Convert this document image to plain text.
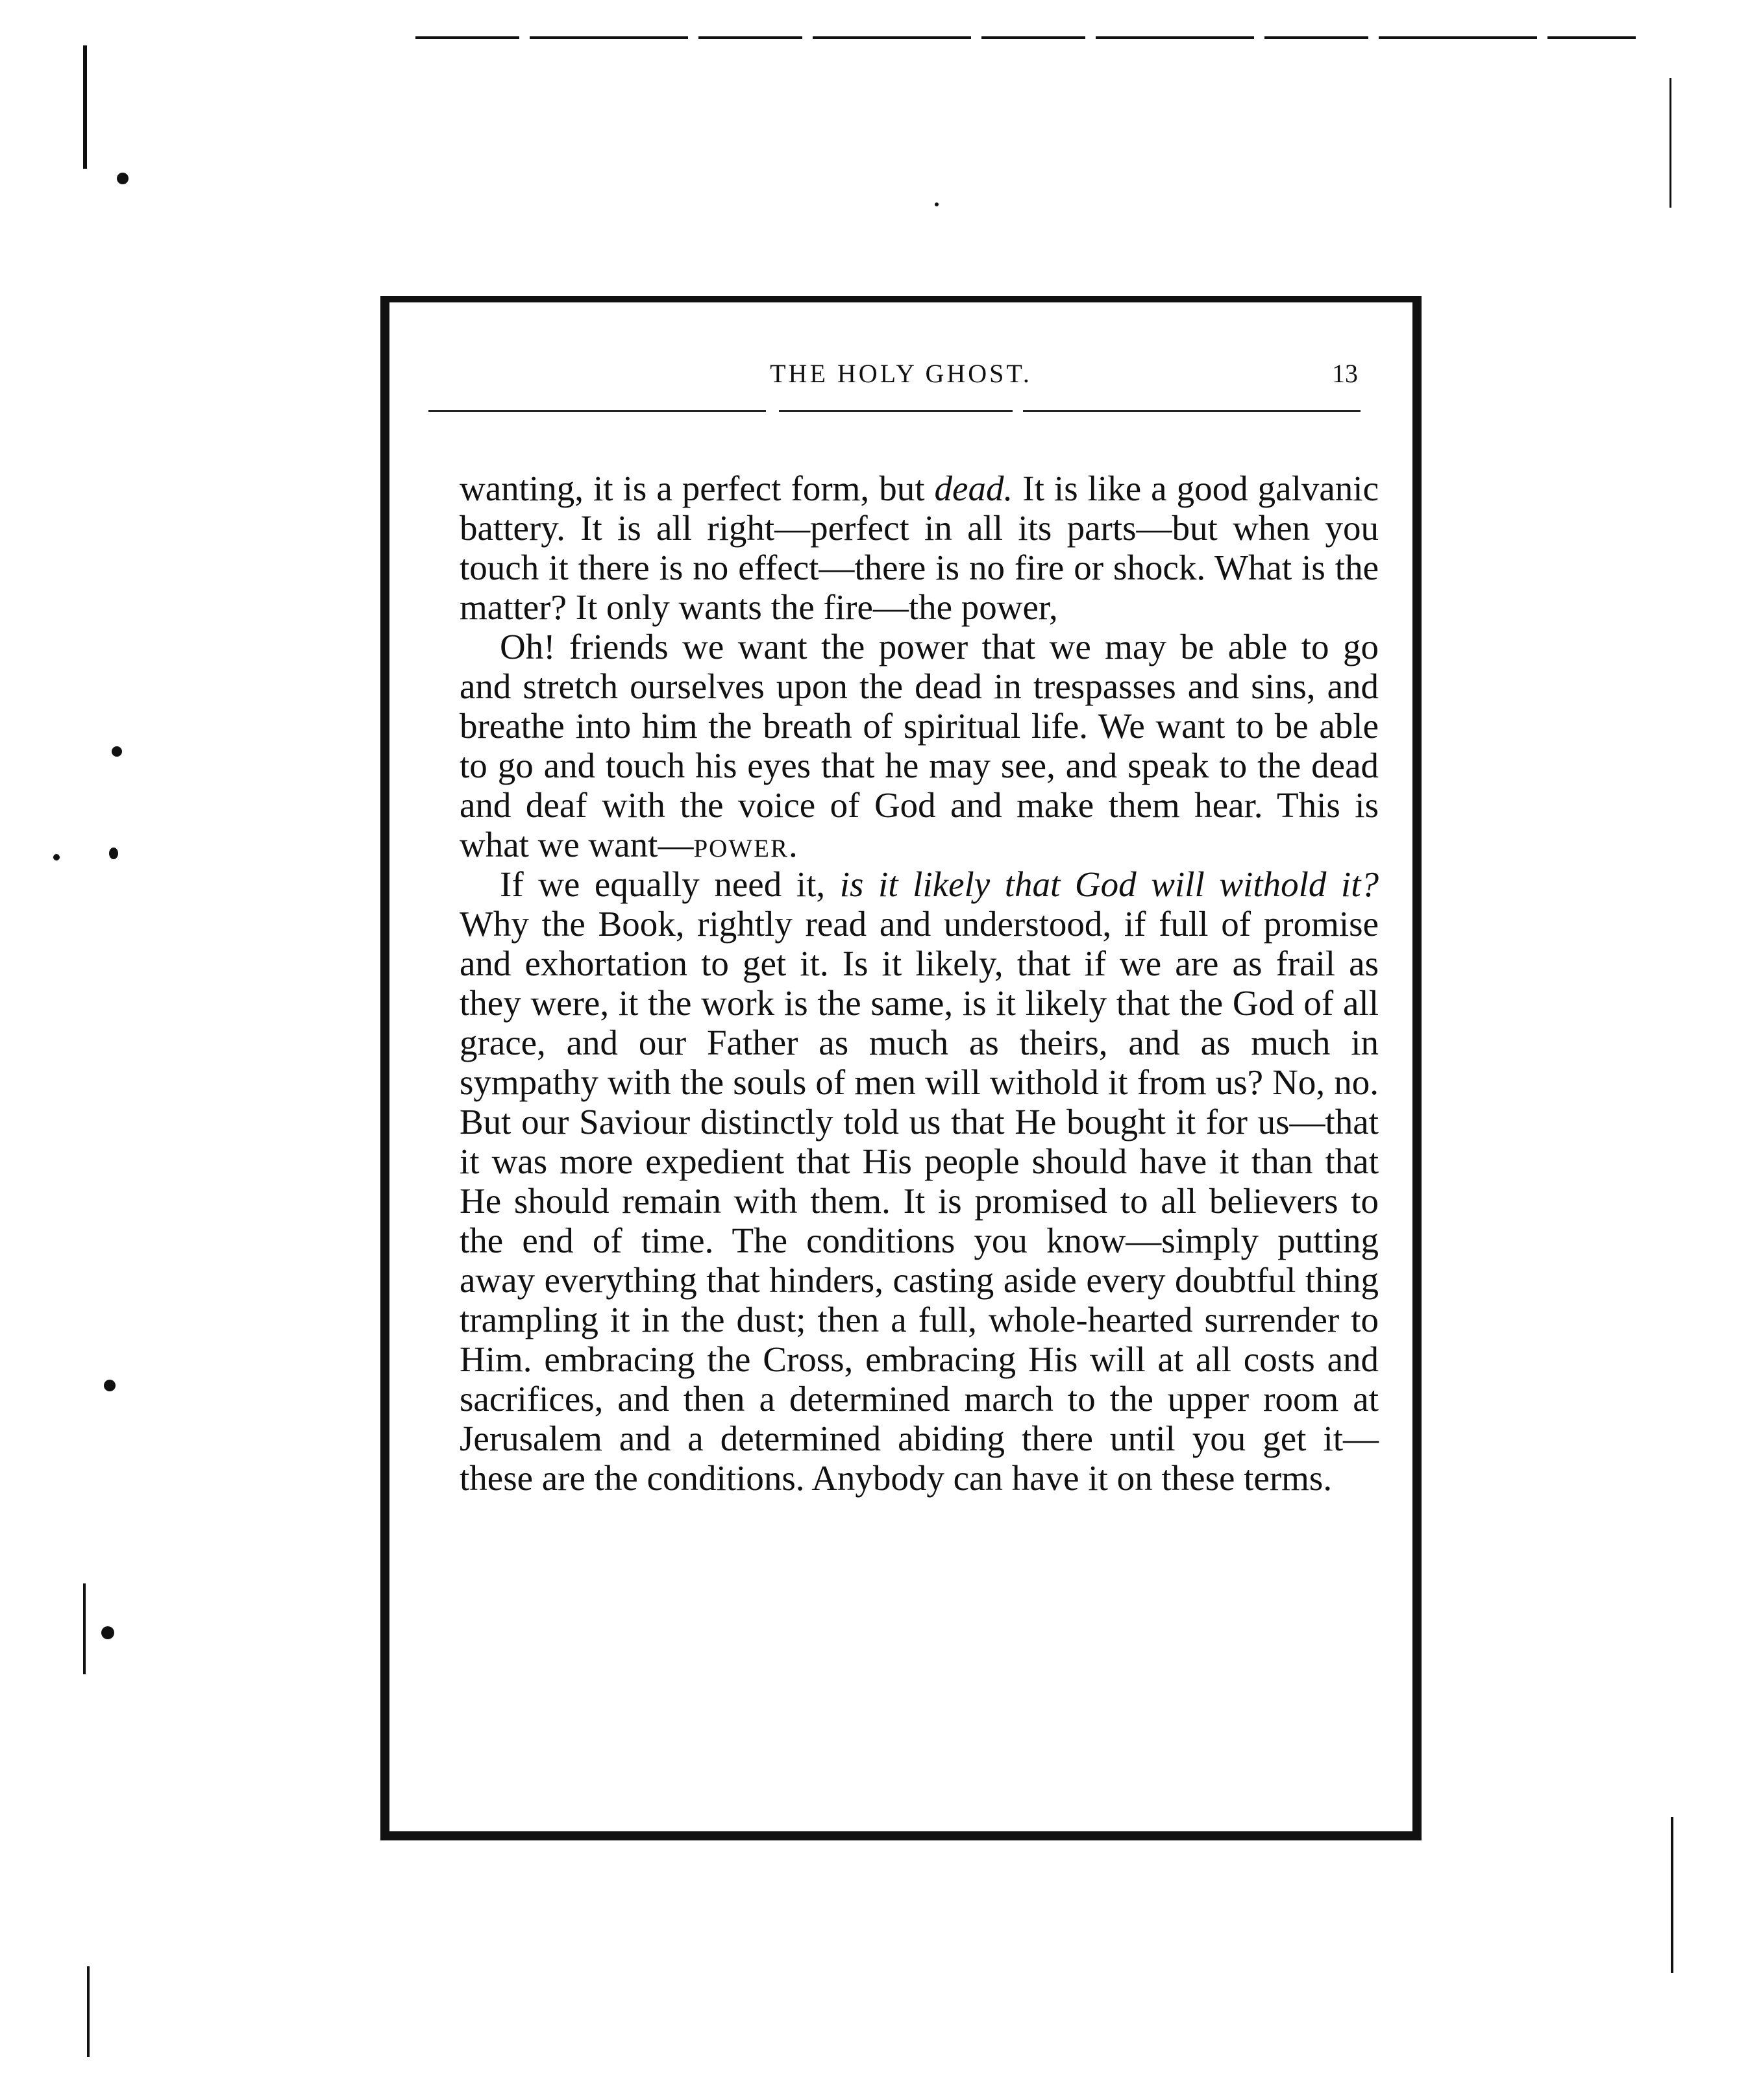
THE HOLY GHOST.	13

wanting, it is a perfect form, but dead. It is like a good galvanic battery. It is all right—perfect in all its parts—but when you touch it there is no effect—there is no fire or shock. What is the matter? It only wants the fire—the power,

Oh! friends we want the power that we may be able to go and stretch ourselves upon the dead in trespasses and sins, and breathe into him the breath of spiritual life. We want to be able to go and touch his eyes that he may see, and speak to the dead and deaf with the voice of God and make them hear. This is what we want—power.

If we equally need it, is it likely that God will withold it? Why the Book, rightly read and understood, if full of promise and exhortation to get it. Is it likely, that if we are as frail as they were, it the work is the same, is it likely that the God of all grace, and our Father as much as theirs, and as much in sympathy with the souls of men will withold it from us? No, no. But our Saviour distinctly told us that He bought it for us—that it was more expedient that His people should have it than that He should remain with them. It is promised to all believers to the end of time. The conditions you know—simply putting away everything that hinders, casting aside every doubtful thing trampling it in the dust; then a full, whole-hearted surrender to Him. embracing the Cross, embracing His will at all costs and sacrifices, and then a determined march to the upper room at Jerusalem and a determined abiding there until you get it—these are the conditions. Anybody can have it on these terms.
